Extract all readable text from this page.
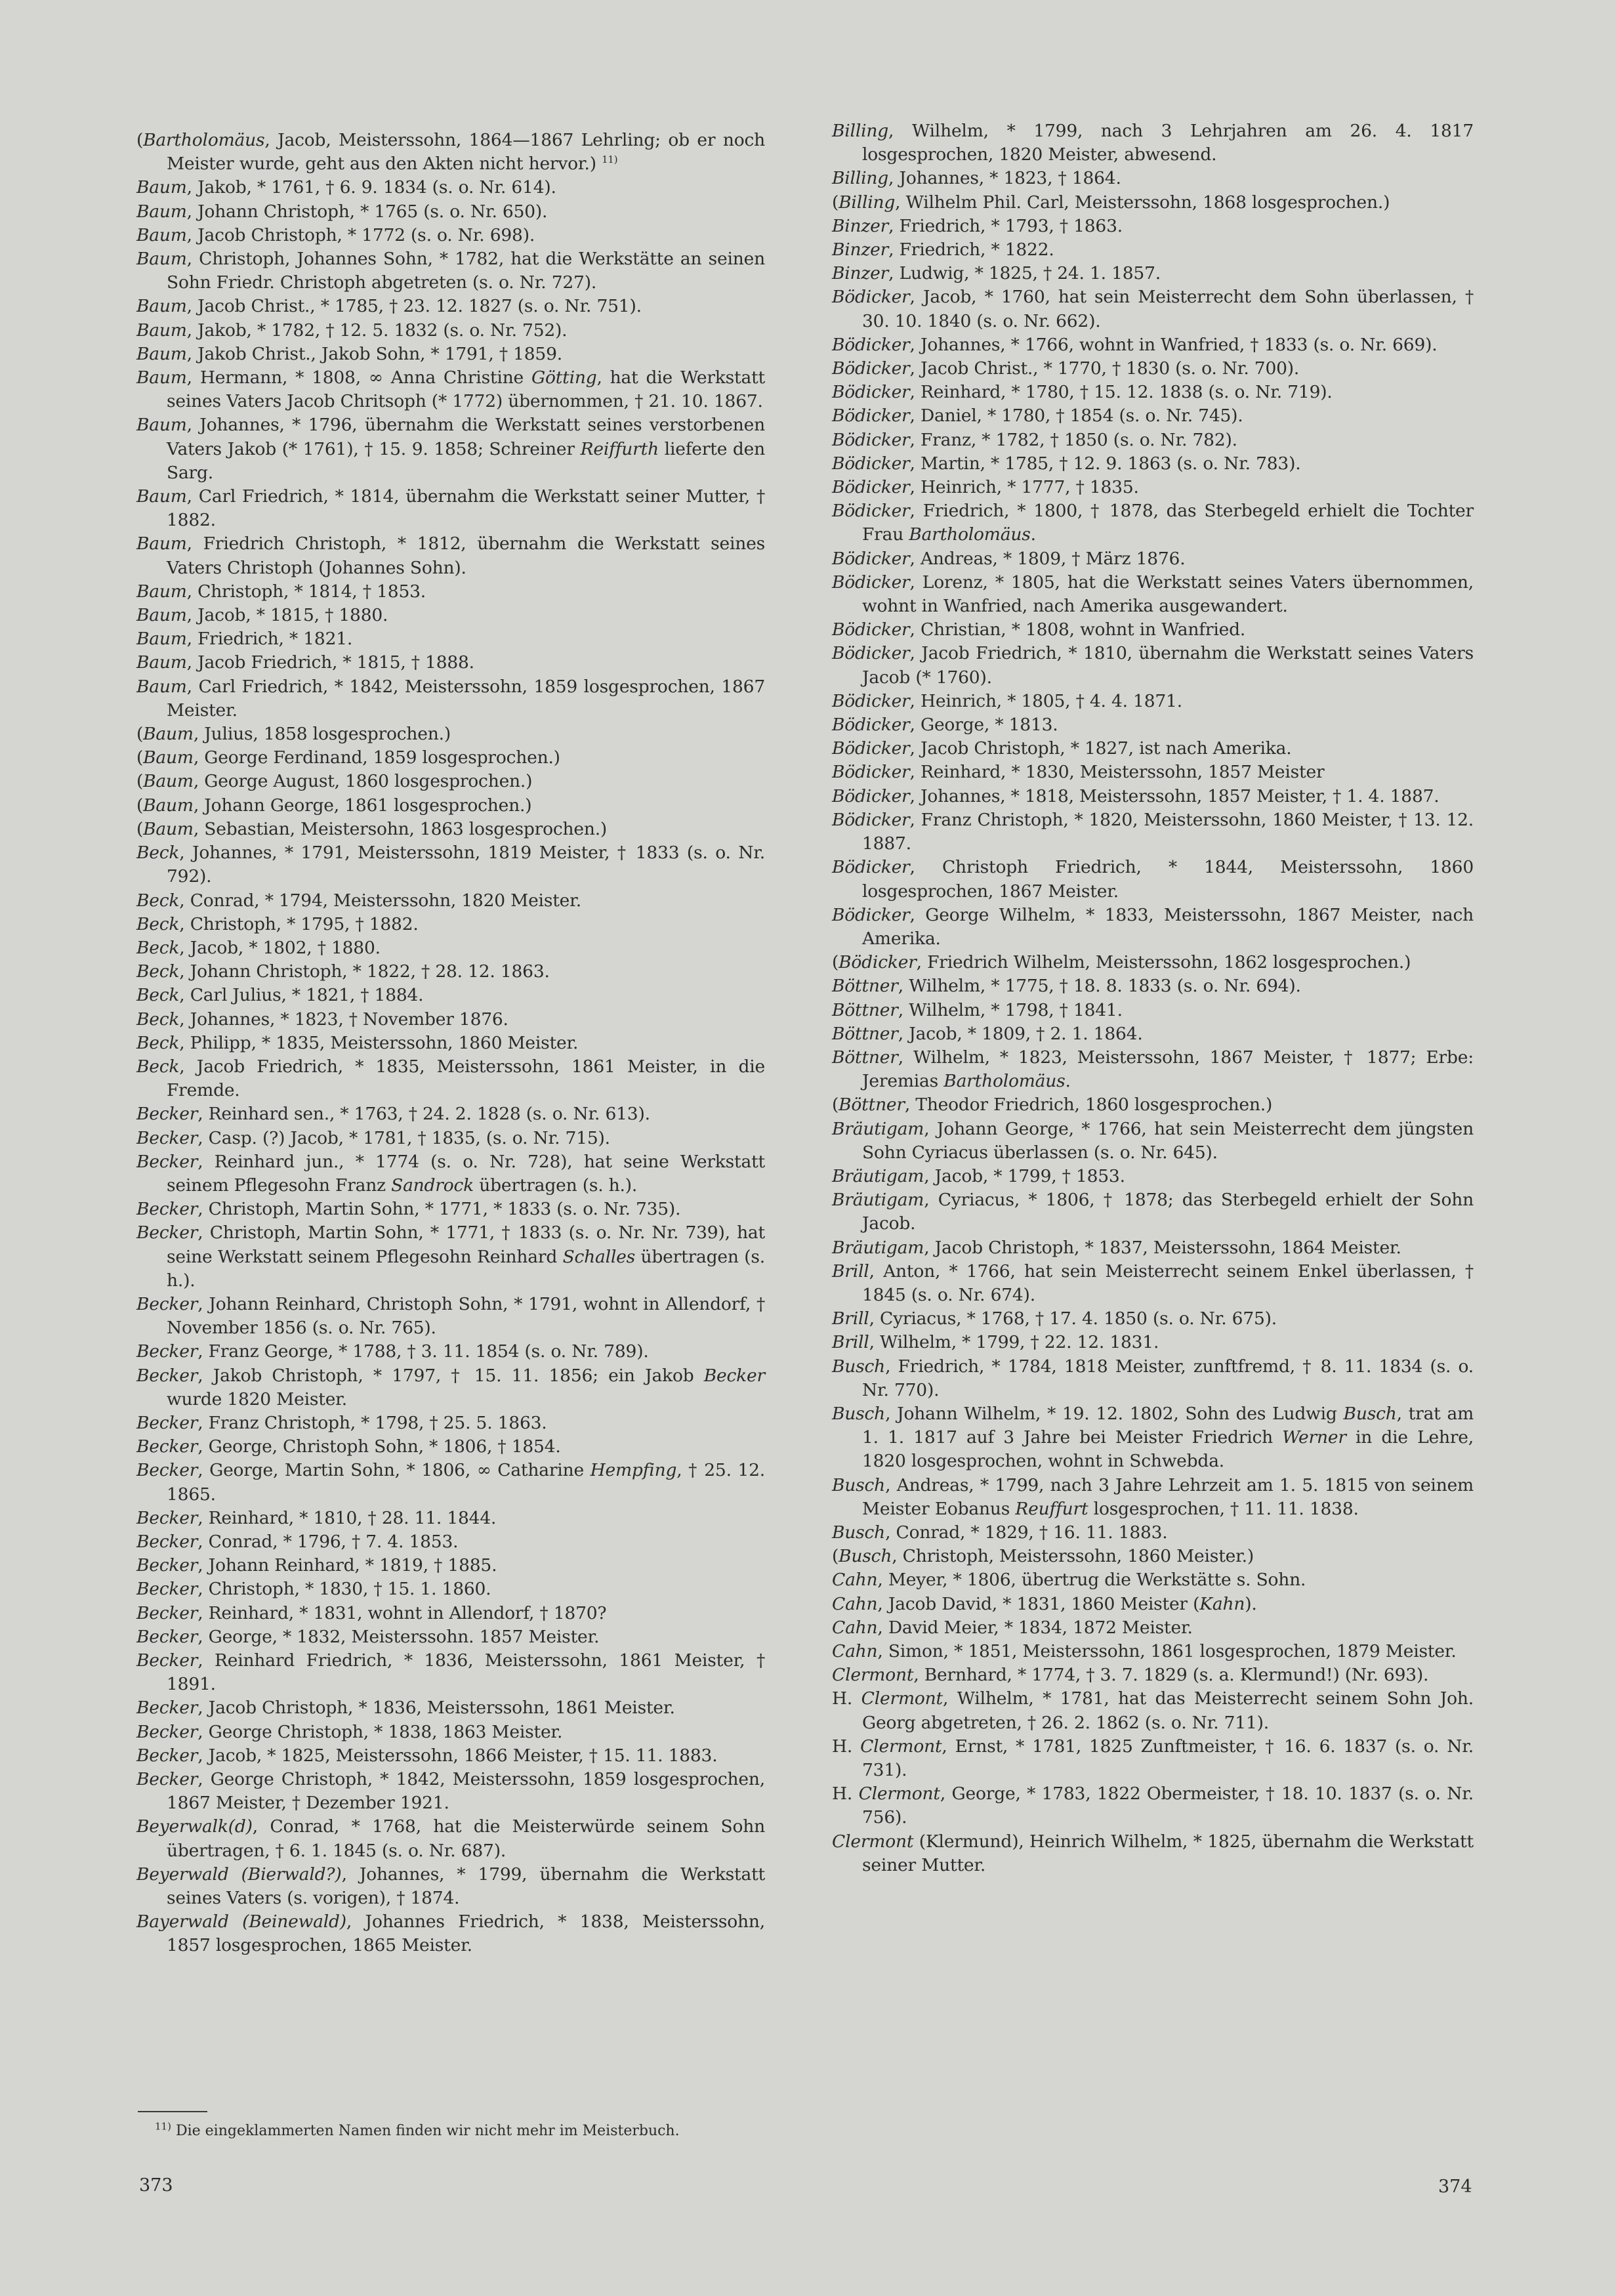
(Bartholomäus, Jacob, Meisterssohn, 1864—1867 Lehrling; ob er noch Meister wurde, geht aus den Akten nicht hervor.) $^{11)}$

Baum, Jakob, * 1761, † 6. 9. 1834 (s. o. Nr. 614).

Baum, Johann Christoph, * 1765 (s. o. Nr. 650).

Baum, Jacob Christoph, * 1772 (s. o. Nr. 698).

Baum, Christoph, Johannes Sohn, * 1782, hat die Werkstätte an seinen Sohn Friedr. Christoph abgetreten (s. o. Nr. 727).

Baum, Jacob Christ., * 1785, † 23. 12. 1827 (s. o. Nr. 751).

Baum, Jakob, * 1782, † 12. 5. 1832 (s. o. Nr. 752).

Baum, Jakob Christ., Jakob Sohn, * 1791, † 1859.

Baum, Hermann, * 1808, ∞ Anna Christine Götting, hat die Werkstatt seines Vaters Jacob Chritsoph (* 1772) übernommen, † 21. 10. 1867.

Baum, Johannes, * 1796, übernahm die Werkstatt seines verstorbenen Vaters Jakob (* 1761), † 15. 9. 1858; Schreiner Reiffurth lieferte den Sarg.

Baum, Carl Friedrich, * 1814, übernahm die Werkstatt seiner Mutter, † 1882.

Baum, Friedrich Christoph, * 1812, übernahm die Werkstatt seines Vaters Christoph (Johannes Sohn).

Baum, Christoph, * 1814, † 1853.

Baum, Jacob, * 1815, † 1880.

Baum, Friedrich, * 1821.

Baum, Jacob Friedrich, * 1815, † 1888.

Baum, Carl Friedrich, * 1842, Meisterssohn, 1859 losgesprochen, 1867 Meister.

(Baum, Julius, 1858 losgesprochen.)

(Baum, George Ferdinand, 1859 losgesprochen.)

(Baum, George August, 1860 losgesprochen.)

(Baum, Johann George, 1861 losgesprochen.)

(Baum, Sebastian, Meistersohn, 1863 losgesprochen.)

Beck, Johannes, * 1791, Meisterssohn, 1819 Meister, † 1833 (s. o. Nr. 792).

Beck, Conrad, * 1794, Meisterssohn, 1820 Meister.

Beck, Christoph, * 1795, † 1882.

Beck, Jacob, * 1802, † 1880.

Beck, Johann Christoph, * 1822, † 28. 12. 1863.

Beck, Carl Julius, * 1821, † 1884.

Beck, Johannes, * 1823, † November 1876.

Beck, Philipp, * 1835, Meisterssohn, 1860 Meister.

Beck, Jacob Friedrich, * 1835, Meisterssohn, 1861 Meister, in die Fremde.

Becker, Reinhard sen., * 1763, † 24. 2. 1828 (s. o. Nr. 613).

Becker, Casp. (?) Jacob, * 1781, † 1835, (s. o. Nr. 715).

Becker, Reinhard jun., * 1774 (s. o. Nr. 728), hat seine Werkstatt seinem Pflegesohn Franz Sandrock übertragen (s. h.).

Becker, Christoph, Martin Sohn, * 1771, * 1833 (s. o. Nr. 735).

Becker, Christoph, Martin Sohn, * 1771, † 1833 (s. o. Nr. Nr. 739), hat seine Werkstatt seinem Pflegesohn Reinhard Schalles übertragen (s. h.).

Becker, Johann Reinhard, Christoph Sohn, * 1791, wohnt in Allendorf, † November 1856 (s. o. Nr. 765).

Becker, Franz George, * 1788, † 3. 11. 1854 (s. o. Nr. 789).

Becker, Jakob Christoph, * 1797, † 15. 11. 1856; ein Jakob Becker wurde 1820 Meister.

Becker, Franz Christoph, * 1798, † 25. 5. 1863.

Becker, George, Christoph Sohn, * 1806, † 1854.

Becker, George, Martin Sohn, * 1806, ∞ Catharine Hempfing, † 25. 12. 1865.

Becker, Reinhard, * 1810, † 28. 11. 1844.

Becker, Conrad, * 1796, † 7. 4. 1853.

Becker, Johann Reinhard, * 1819, † 1885.

Becker, Christoph, * 1830, † 15. 1. 1860.

Becker, Reinhard, * 1831, wohnt in Allendorf, † 1870?

Becker, George, * 1832, Meisterssohn. 1857 Meister.

Becker, Reinhard Friedrich, * 1836, Meisterssohn, 1861 Meister, † 1891.

Becker, Jacob Christoph, * 1836, Meisterssohn, 1861 Meister.

Becker, George Christoph, * 1838, 1863 Meister.

Becker, Jacob, * 1825, Meisterssohn, 1866 Meister, † 15. 11. 1883.

Becker, George Christoph, * 1842, Meisterssohn, 1859 losgesprochen, 1867 Meister, † Dezember 1921.

Beyerwalk(d), Conrad, * 1768, hat die Meisterwürde seinem Sohn übertragen, † 6. 1. 1845 (s. o. Nr. 687).

Beyerwald (Bierwald?), Johannes, * 1799, übernahm die Werkstatt seines Vaters (s. vorigen), † 1874.

Bayerwald (Beinewald), Johannes Friedrich, * 1838, Meisterssohn, 1857 losgesprochen, 1865 Meister.

Billing, Wilhelm, * 1799, nach 3 Lehrjahren am 26. 4. 1817 losgesprochen, 1820 Meister, abwesend.

Billing, Johannes, * 1823, † 1864.

(Billing, Wilhelm Phil. Carl, Meisterssohn, 1868 losgesprochen.)

Binzer, Friedrich, * 1793, † 1863.

Binzer, Friedrich, * 1822.

Binzer, Ludwig, * 1825, † 24. 1. 1857.

Bödicker, Jacob, * 1760, hat sein Meisterrecht dem Sohn überlassen, † 30. 10. 1840 (s. o. Nr. 662).

Bödicker, Johannes, * 1766, wohnt in Wanfried, † 1833 (s. o. Nr. 669).

Bödicker, Jacob Christ., * 1770, † 1830 (s. o. Nr. 700).

Bödicker, Reinhard, * 1780, † 15. 12. 1838 (s. o. Nr. 719).

Bödicker, Daniel, * 1780, † 1854 (s. o. Nr. 745).

Bödicker, Franz, * 1782, † 1850 (s. o. Nr. 782).

Bödicker, Martin, * 1785, † 12. 9. 1863 (s. o. Nr. 783).

Bödicker, Heinrich, * 1777, † 1835.

Bödicker, Friedrich, * 1800, † 1878, das Sterbegeld erhielt die Tochter Frau Bartholomäus.

Bödicker, Andreas, * 1809, † März 1876.

Bödicker, Lorenz, * 1805, hat die Werkstatt seines Vaters übernommen, wohnt in Wanfried, nach Amerika ausgewandert.

Bödicker, Christian, * 1808, wohnt in Wanfried.

Bödicker, Jacob Friedrich, * 1810, übernahm die Werkstatt seines Vaters Jacob (* 1760).

Bödicker, Heinrich, * 1805, † 4. 4. 1871.

Bödicker, George, * 1813.

Bödicker, Jacob Christoph, * 1827, ist nach Amerika.

Bödicker, Reinhard, * 1830, Meisterssohn, 1857 Meister

Bödicker, Johannes, * 1818, Meisterssohn, 1857 Meister, † 1. 4. 1887.

Bödicker, Franz Christoph, * 1820, Meisterssohn, 1860 Meister, † 13. 12. 1887.

Bödicker, Christoph Friedrich, * 1844, Meisterssohn, 1860 losgesprochen, 1867 Meister.

Bödicker, George Wilhelm, * 1833, Meisterssohn, 1867 Meister, nach Amerika.

(Bödicker, Friedrich Wilhelm, Meisterssohn, 1862 losgesprochen.)

Böttner, Wilhelm, * 1775, † 18. 8. 1833 (s. o. Nr. 694).

Böttner, Wilhelm, * 1798, † 1841.

Böttner, Jacob, * 1809, † 2. 1. 1864.

Böttner, Wilhelm, * 1823, Meisterssohn, 1867 Meister, † 1877; Erbe: Jeremias Bartholomäus.

(Böttner, Theodor Friedrich, 1860 losgesprochen.)

Bräutigam, Johann George, * 1766, hat sein Meisterrecht dem jüngsten Sohn Cyriacus überlassen (s. o. Nr. 645).

Bräutigam, Jacob, * 1799, † 1853.

Bräutigam, Cyriacus, * 1806, † 1878; das Sterbegeld erhielt der Sohn Jacob.

Bräutigam, Jacob Christoph, * 1837, Meisterssohn, 1864 Meister.

Brill, Anton, * 1766, hat sein Meisterrecht seinem Enkel überlassen, † 1845 (s. o. Nr. 674).

Brill, Cyriacus, * 1768, † 17. 4. 1850 (s. o. Nr. 675).

Brill, Wilhelm, * 1799, † 22. 12. 1831.

Busch, Friedrich, * 1784, 1818 Meister, zunftfremd, † 8. 11. 1834 (s. o. Nr. 770).

Busch, Johann Wilhelm, * 19. 12. 1802, Sohn des Ludwig Busch, trat am 1. 1. 1817 auf 3 Jahre bei Meister Friedrich Werner in die Lehre, 1820 losgesprochen, wohnt in Schwebda.

Busch, Andreas, * 1799, nach 3 Jahre Lehrzeit am 1. 5. 1815 von seinem Meister Eobanus Reuffurt losgesprochen, † 11. 11. 1838.

Busch, Conrad, * 1829, † 16. 11. 1883.

(Busch, Christoph, Meisterssohn, 1860 Meister.)

Cahn, Meyer, * 1806, übertrug die Werkstätte s. Sohn.

Cahn, Jacob David, * 1831, 1860 Meister (Kahn).

Cahn, David Meier, * 1834, 1872 Meister.

Cahn, Simon, * 1851, Meisterssohn, 1861 losgesprochen, 1879 Meister.

Clermont, Bernhard, * 1774, † 3. 7. 1829 (s. a. Klermund!) (Nr. 693).

H. Clermont, Wilhelm, * 1781, hat das Meisterrecht seinem Sohn Joh. Georg abgetreten, † 26. 2. 1862 (s. o. Nr. 711).

H. Clermont, Ernst, * 1781, 1825 Zunftmeister, † 16. 6. 1837 (s. o. Nr. 731).

H. Clermont, George, * 1783, 1822 Obermeister, † 18. 10. 1837 (s. o. Nr. 756).

Clermont (Klermund), Heinrich Wilhelm, * 1825, übernahm die Werkstatt seiner Mutter.

$^{11)}$ Die eingeklammerten Namen finden wir nicht mehr im Meisterbuch.
373	374
